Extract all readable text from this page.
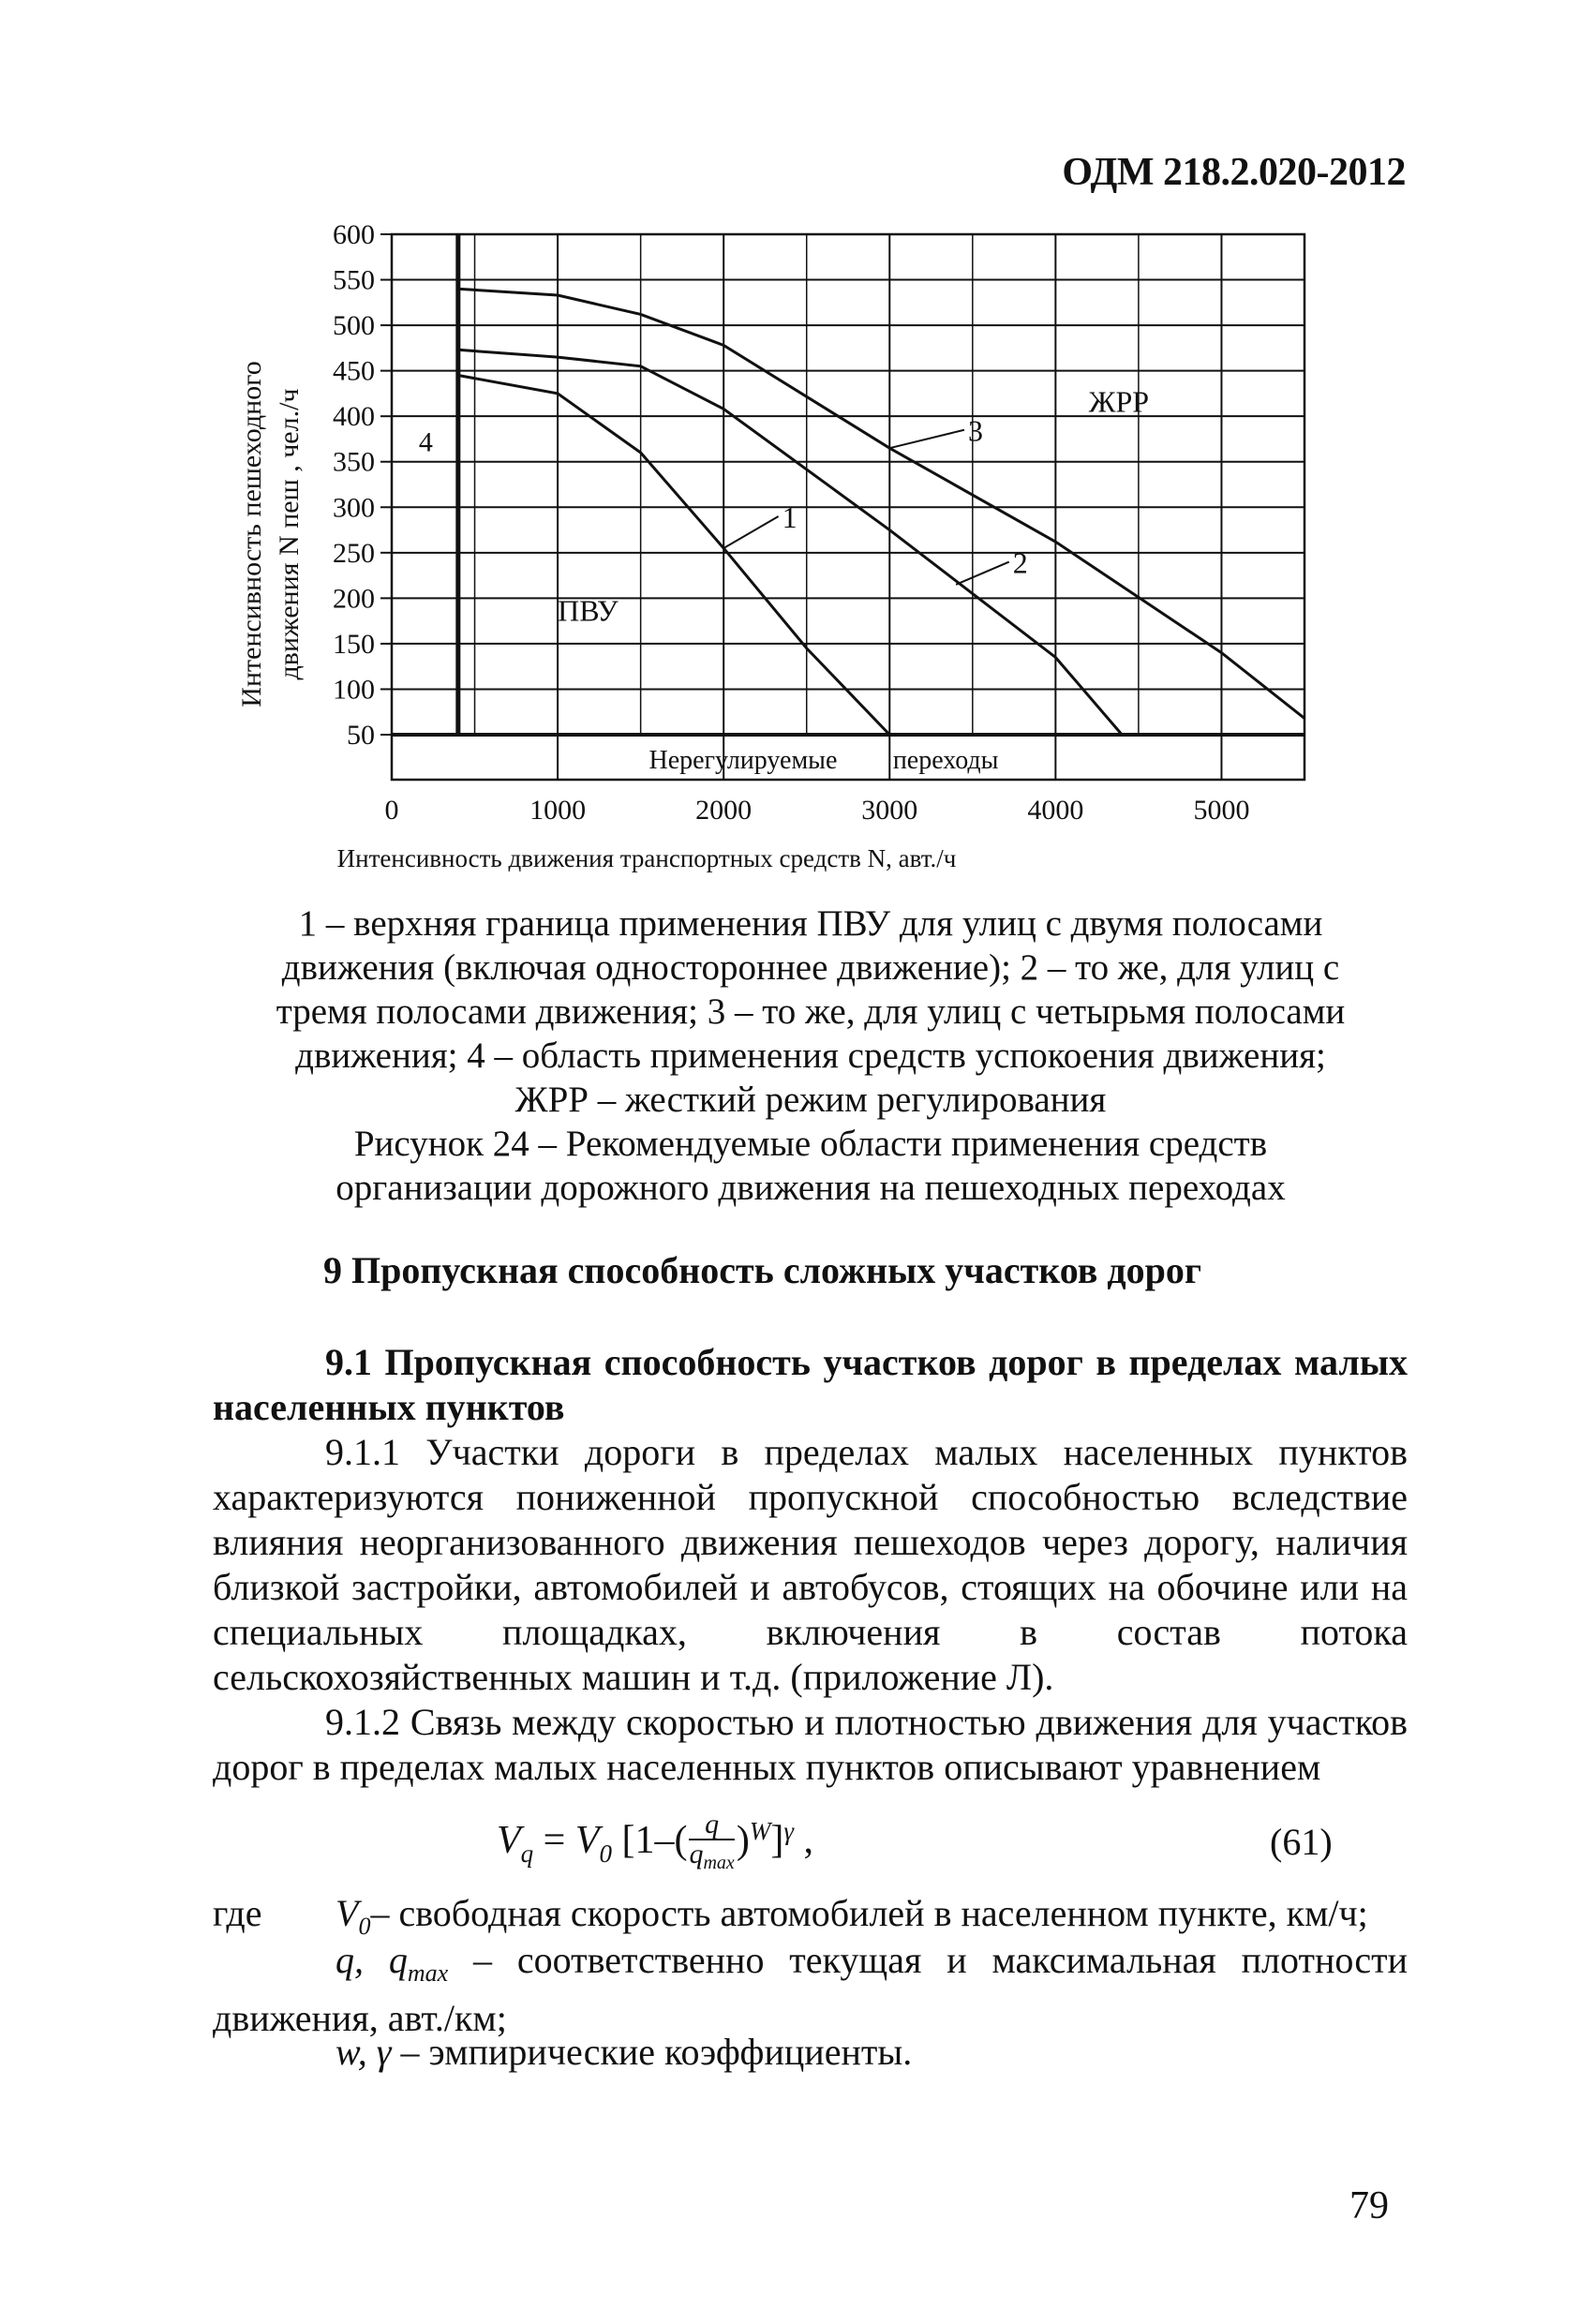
ОДМ 218.2.020-2012
50
100
150
200
250
300
350
400
450
500
550
600
0	1000	2000	3000	4000	5000
4
ПВУ
ЖРР
Нерегулируемые переходы
1
2
3
Интенсивность движения транспортных средств N, авт./ч
Интенсивность пешеходного движения N пеш , чел./ч
1 – верхняя граница применения ПВУ для улиц с двумя полосами
движения (включая одностороннее движение); 2 – то же, для улиц с
тремя полосами движения; 3 – то же, для улиц с четырьмя полосами
движения; 4 – область применения средств успокоения движения;
ЖРР – жесткий режим регулирования
Рисунок 24 – Рекомендуемые области применения средств
организации дорожного движения на пешеходных переходах
9 Пропускная способность сложных участков дорог
9.1 Пропускная способность участков дорог в пределах малых населенных пунктов
9.1.1 Участки дороги в пределах малых населенных пунктов характеризуются пониженной пропускной способностью вследствие влияния неорганизованного движения пешеходов через дорогу, наличия близкой застройки, автомобилей и автобусов, стоящих на обочине или на специальных площадках, включения в состав потока сельскохозяйственных машин и т.д. (приложение Л).
9.1.2 Связь между скоростью и плотностью движения для участков дорог в пределах малых населенных пунктов описывают уравнением
$V_q = V_0$ $[1-( \frac{q}{q_{max}} )^W]^\gamma$ ,	(61)
где $V_0-$ свободная скорость автомобилей в населенном пункте, км/ч;
q, $q_{max}$ – соответственно текущая и максимальная плотности движения, авт./км;
w, γ – эмпирические коэффициенты.
79
